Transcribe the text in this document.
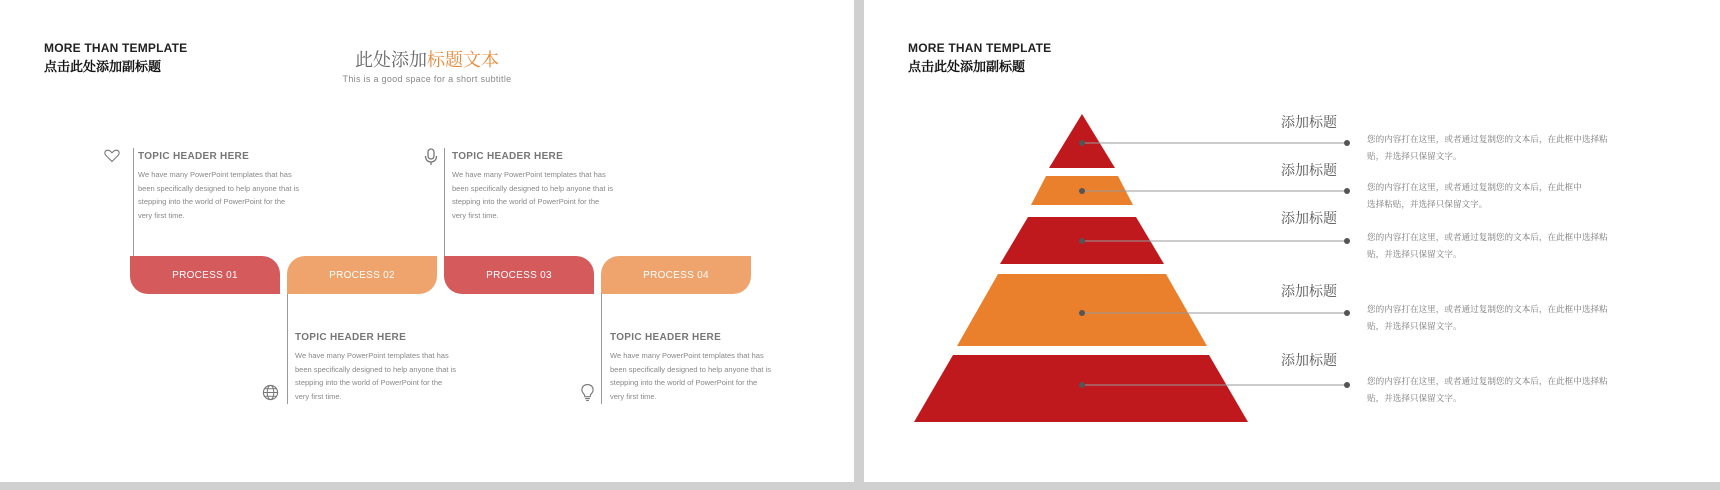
MORE THAN TEMPLATE
点击此处添加副标题	此处添加标题文本
This is a good space for a short subtitle
TOPIC HEADER HERE
We have many PowerPoint templates that has
been specifically designed to help anyone that is
stepping into the world of PowerPoint for the
very first time.
TOPIC HEADER HERE
We have many PowerPoint templates that has
been specifically designed to help anyone that is
stepping into the world of PowerPoint for the
very first time.
TOPIC HEADER HERE
We have many PowerPoint templates that has
been specifically designed to help anyone that is
stepping into the world of PowerPoint for the
very first time.
TOPIC HEADER HERE
We have many PowerPoint templates that has
been specifically designed to help anyone that is
stepping into the world of PowerPoint for the
very first time.
PROCESS 01	PROCESS 02	PROCESS 03	PROCESS 04
MORE THAN TEMPLATE
点击此处添加副标题
添加标题
您的内容打在这里，或者通过复制您的文本后，在此框中选择粘
贴，并选择只保留文字。
添加标题
您的内容打在这里，或者通过复制您的文本后，在此框中
选择粘贴，并选择只保留文字。
添加标题
您的内容打在这里，或者通过复制您的文本后，在此框中选择粘
贴，并选择只保留文字。
添加标题
您的内容打在这里，或者通过复制您的文本后，在此框中选择粘
贴，并选择只保留文字。
添加标题
您的内容打在这里，或者通过复制您的文本后，在此框中选择粘
贴，并选择只保留文字。
